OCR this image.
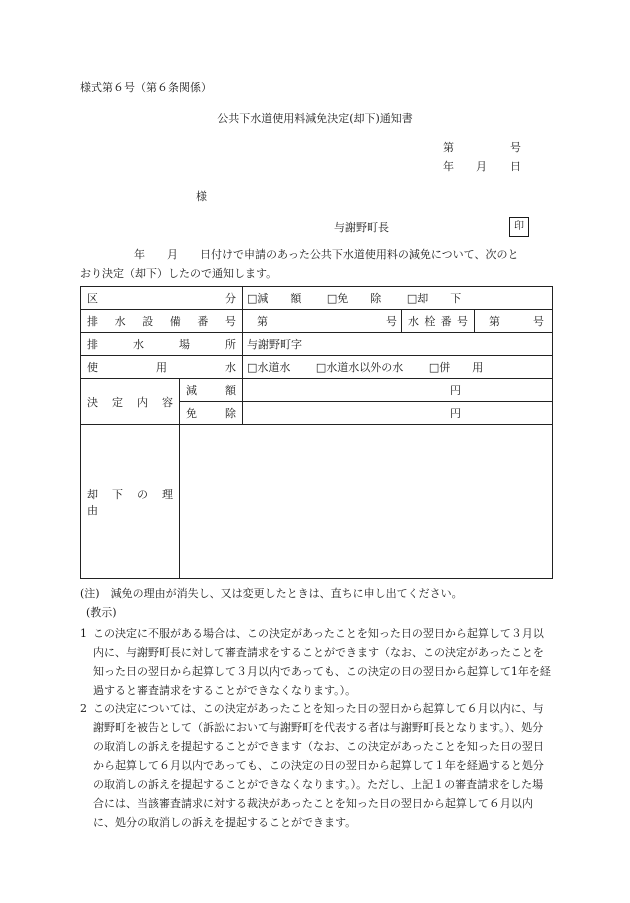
様式第６号（第６条関係）
公共下水道使用料減免決定(却下)通知書
第	号
年 月 日
様
与謝野町長	印
年　　月　　日付けで申請のあった公共下水道使用料の減免について、次のと
おり決定（却下）したので通知します。
区　　　　分		□減　　額 □免　　除 □却　　下		
排水設備番号		第 号	水栓番号	第 号

排　水　場　所		与謝野町字		
使　　用　　水		□水道水 □水道水以外の水 □併　　用		
決　定　内　容	減　　額	円		
	免　　除	円		
却　下　の　理　由				
(注)　減免の理由が消失し、又は変更したときは、直ちに申し出てください。
(教示)
1 この決定に不服がある場合は、この決定があったことを知った日の翌日から起算して３月以内に、与謝野町長に対して審査請求をすることができます（なお、この決定があったことを知った日の翌日から起算して３月以内であっても、この決定の日の翌日から起算して1年を経過すると審査請求をすることができなくなります。）。
2 この決定については、この決定があったことを知った日の翌日から起算して６月以内に、与謝野町を被告として（訴訟において与謝野町を代表する者は与謝野町長となります。）、処分の取消しの訴えを提起することができます（なお、この決定があったことを知った日の翌日から起算して６月以内であっても、この決定の日の翌日から起算して１年を経過すると処分の取消しの訴えを提起することができなくなります。）。ただし、上記１の審査請求をした場合には、当該審査請求に対する裁決があったことを知った日の翌日から起算して６月以内に、処分の取消しの訴えを提起することができます。
